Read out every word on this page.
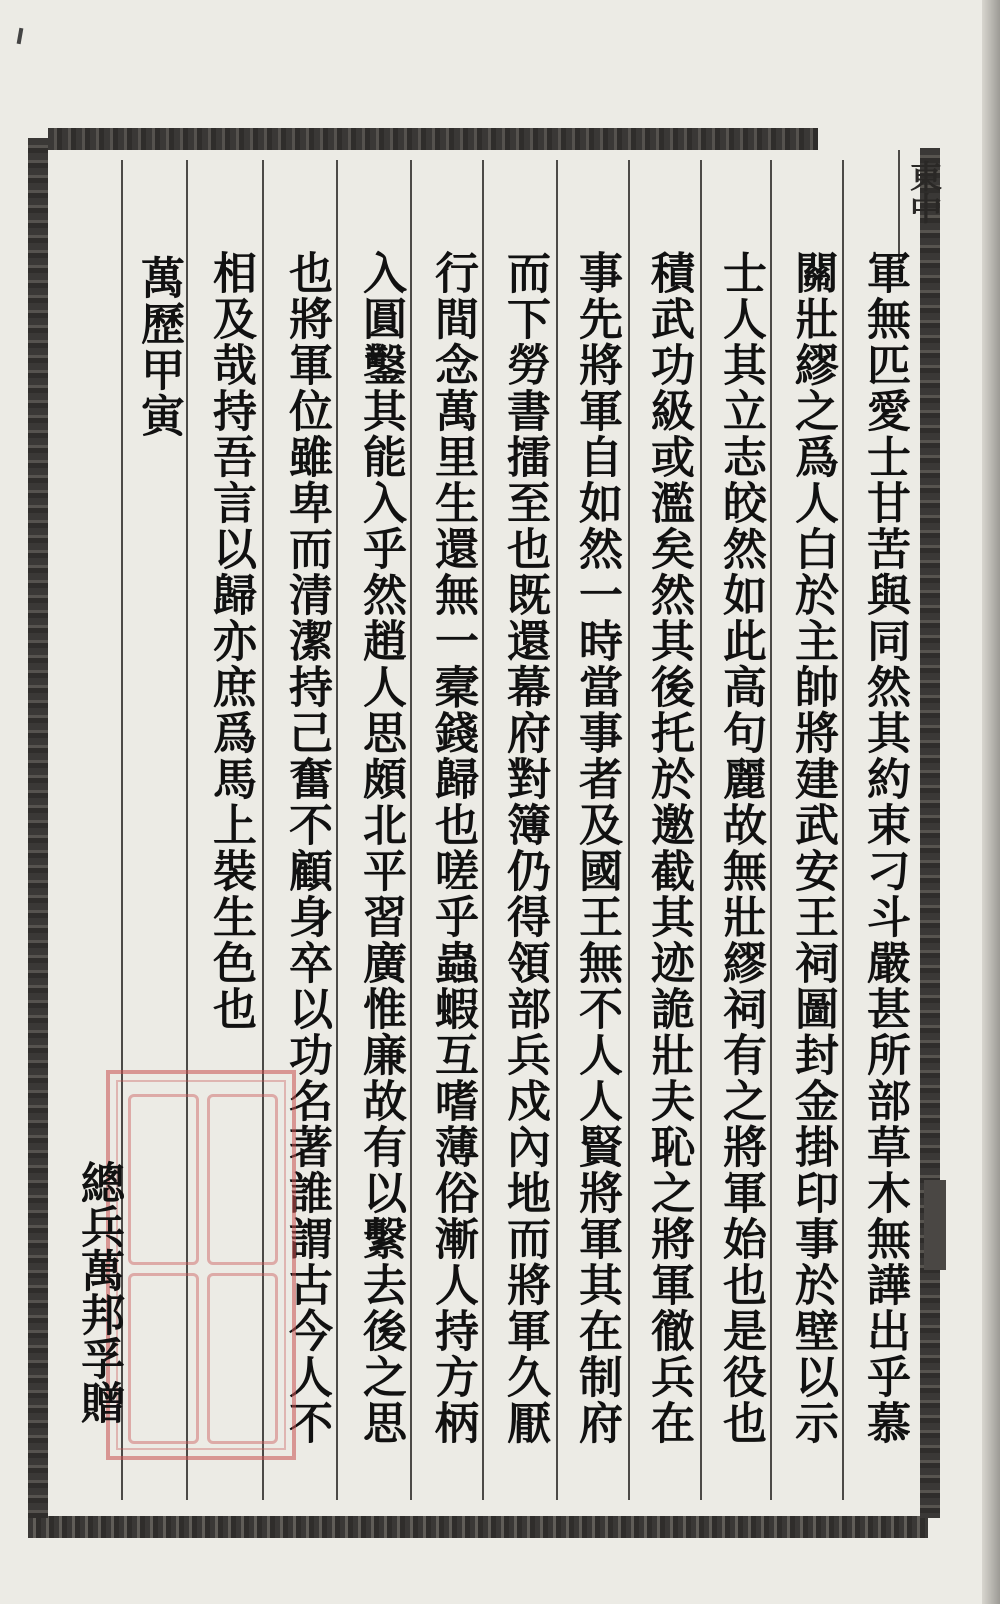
東中
軍無匹愛士甘苦與同然其約束刁斗嚴甚所部草木無譁出乎慕
關壯繆之爲人白於主帥將建武安王祠圖封金掛印事於壁以示
士人其立志皎然如此高句麗故無壯繆祠有之將軍始也是役也
積武功級或濫矣然其後托於邀截其迹詭壯夫恥之將軍徹兵在
事先將軍自如然一時當事者及國王無不人人賢將軍其在制府
而下勞書擂至也既還幕府對簿仍得領部兵戍內地而將軍久厭
行間念萬里生還無一槖錢歸也嗟乎蟲蝦互嗜薄俗漸人持方柄
入圓鑿其能入乎然趙人思頗北平習廣惟廉故有以繫去後之思
也將軍位雖卑而清潔持己奮不顧身卒以功名著誰謂古今人不
相及哉持吾言以歸亦庶爲馬上裝生色也
萬歷甲寅
總兵萬邦孚贈
